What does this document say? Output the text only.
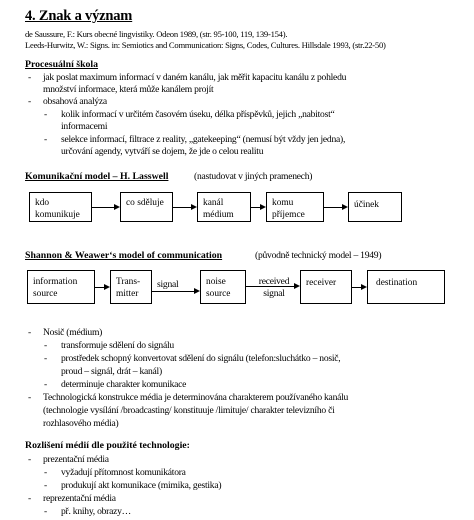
4. Znak a význam
de Saussure, F.: Kurs obecné lingvistiky. Odeon 1989, (str. 95-100, 119, 139-154).
Leeds-Hurwitz, W.: Signs. in: Semiotics and Communication: Signs, Codes, Cultures. Hillsdale 1993, (str.22-50)
Procesuální škola
- jak poslat maximum informací v daném kanálu, jak měřit kapacitu kanálu z pohledu
množství informace, která může kanálem projít
- obsahová analýza
- kolik informací v určitém časovém úseku, délka příspěvků, jejich „nabitost“
informacemi
- selekce informací, filtrace z reality, „gatekeeping“ (nemusí být vždy jen jedna),
určování agendy, vytváří se dojem, že jde o celou realitu
Komunikační model – H. Lasswell	(nastudovat v jiných pramenech)
kdo komunikuje
co sděluje	kanál médium
komu příjemce
účinek
Shannon & Weawer‘s model of communication	(původně technický model – 1949)
information source
Trans-mitter
signal	noise source
received signal
receiver	destination
- Nosič (médium)
- transformuje sdělení do signálu
- prostředek schopný konvertovat sdělení do signálu (telefon:sluchátko – nosič,
proud – signál, drát – kanál)
- determinuje charakter komunikace
- Technologická konstrukce média je determinována charakterem používaného kanálu
(technologie vysílání /broadcasting/ konstituuje /limituje/ charakter televizního či
rozhlasového média)
Rozlišení médií dle použité technologie:
- prezentační média
- vyžadují přítomnost komunikátora
- produkují akt komunikace (mimika, gestika)
- reprezentační média
- př. knihy, obrazy…
